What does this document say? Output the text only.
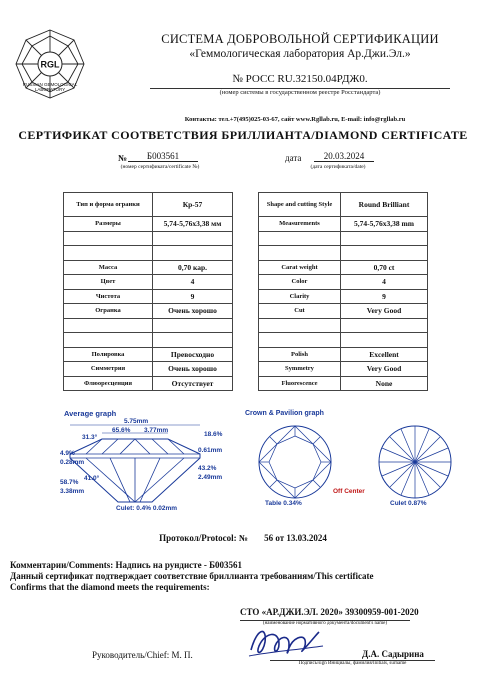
RGL
RUSSIAN GEMOLOGICAL LABORATORY
СИСТЕМА ДОБРОВОЛЬНОЙ СЕРТИФИКАЦИИ
«Геммологическая лаборатория Ар.Джи.Эл.»
№ РОСС RU.32150.04РДЖ0.
(номер системы в государственном реестре Росстандарта)
Контакты: тел.+7(495)025-03-67, сайт www.Rgllab.ru, E-mail: info@rgllab.ru
СЕРТИФИКАТ СООТВЕТСТВИЯ БРИЛЛИАНТА/DIAMOND CERTIFICATE
№	Б003561
(номер сертификата/certificate №)
дата	20.03.2024
(дата сертификата/date)
Тип и форма огранки	Кр-57
Размеры	5,74-5,76x3,38 мм

Масса	0,70 кар.
Цвет	4
Чистота	9
Огранка	Очень хорошо

Полировка	Превосходно
Симметрия	Очень хорошо
Флюоресценция	Отсутствует
Shape and cutting Style	Round Brilliant
Measurements	5,74-5,76x3,38 mm

Carat weight	0,70 ct
Color	4
Clarity	9
Cut	Very Good

Polish	Excellent
Symmetry	Very Good
Fluorescence	None
Average graph
5.75mm
65.6% 3.77mm
31.3°	18.6%
0.61mm
4.9%
0.28mm
41.0°
43.2%
2.49mm
58.7%
3.38mm
Culet: 0.4% 0.02mm
Crown & Pavilion graph
Table 0.34%
Off Center
Culet 0.87%
Протокол/Protocol: № 56 от 13.03.2024
Комментарии/Comments: Надпись на рундисте - Б003561
Данный сертификат подтверждает соответствие бриллианта требованиям/This certificate
Confirms that the diamond meets the requirements:
СТО «АР.ДЖИ.ЭЛ. 2020» 39300959-001-2020
(наименование нормативного документа/document's name)
Руководитель/Chief: М. П.	Д.А. Садырина
Подпись/sign Инициалы, фамилия/Initials, surname
